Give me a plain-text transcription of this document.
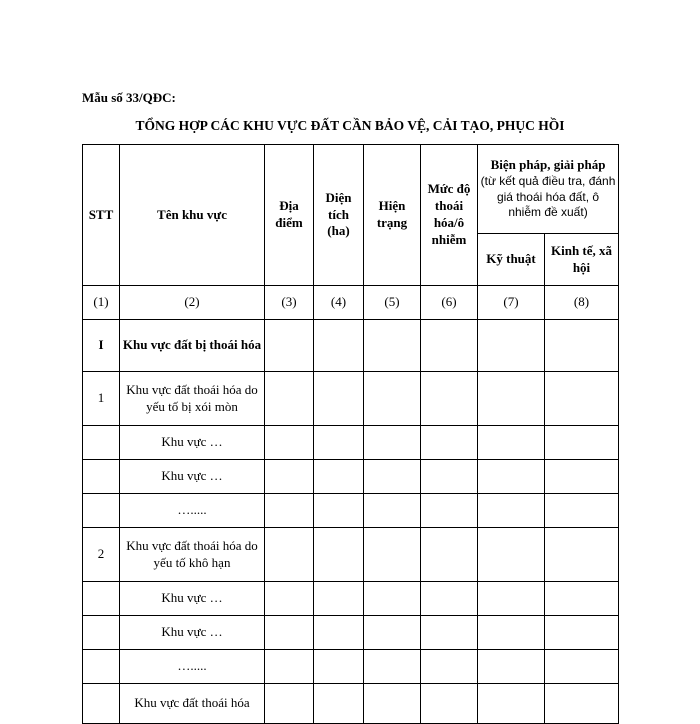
Mẫu số 33/QĐC:
TỔNG HỢP CÁC KHU VỰC ĐẤT CẦN BẢO VỆ, CẢI TẠO, PHỤC HỒI
STT	Tên khu vực	Địa điểm	Diện tích (ha)	Hiện trạng	Mức độ thoái hóa/ô nhiễm	Biện pháp, giải pháp
(từ kết quả điều tra, đánh giá thoái hóa đất, ô nhiễm đề xuất)	

						Kỹ thuật	Kinh tế, xã hội
(1)	(2)	(3)	(4)	(5)	(6)	(7)	(8)
I	Khu vực đất bị thoái hóa						
1	Khu vực đất thoái hóa do yếu tố bị xói mòn						
	Khu vực …						
	Khu vực …						
	….....						
2	Khu vực đất thoái hóa do yếu tố khô hạn						
	Khu vực …						
	Khu vực …						
	….....						
	Khu vực đất thoái hóa						
